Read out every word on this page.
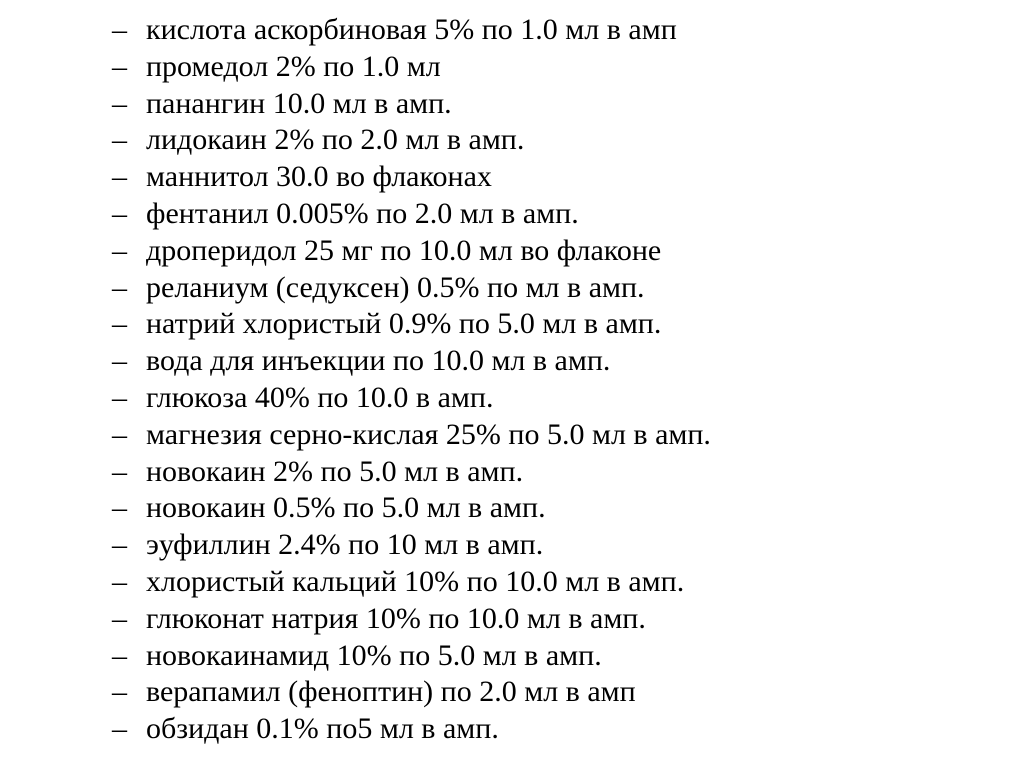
– кислота аскорбиновая 5% по 1.0 мл в амп
– промедол 2% по 1.0 мл
– панангин 10.0 мл в амп.
– лидокаин 2% по 2.0 мл в амп.
– маннитол 30.0 во флаконах
– фентанил 0.005% по 2.0 мл в амп.
– дроперидол 25 мг по 10.0 мл во флаконе
– реланиум (седуксен) 0.5% по мл в амп.
– натрий хлористый 0.9% по 5.0 мл в амп.
– вода для инъекции по 10.0 мл в амп.
– глюкоза 40% по 10.0 в амп.
– магнезия серно-кислая 25% по 5.0 мл в амп.
– новокаин 2% по 5.0 мл в амп.
– новокаин 0.5% по 5.0 мл в амп.
– эуфиллин 2.4% по 10 мл в амп.
– хлористый кальций 10% по 10.0 мл в амп.
– глюконат натрия 10% по 10.0 мл в амп.
– новокаинамид 10% по 5.0 мл в амп.
– верапамил (феноптин) по 2.0 мл в амп
– обзидан 0.1% по5 мл в амп.
